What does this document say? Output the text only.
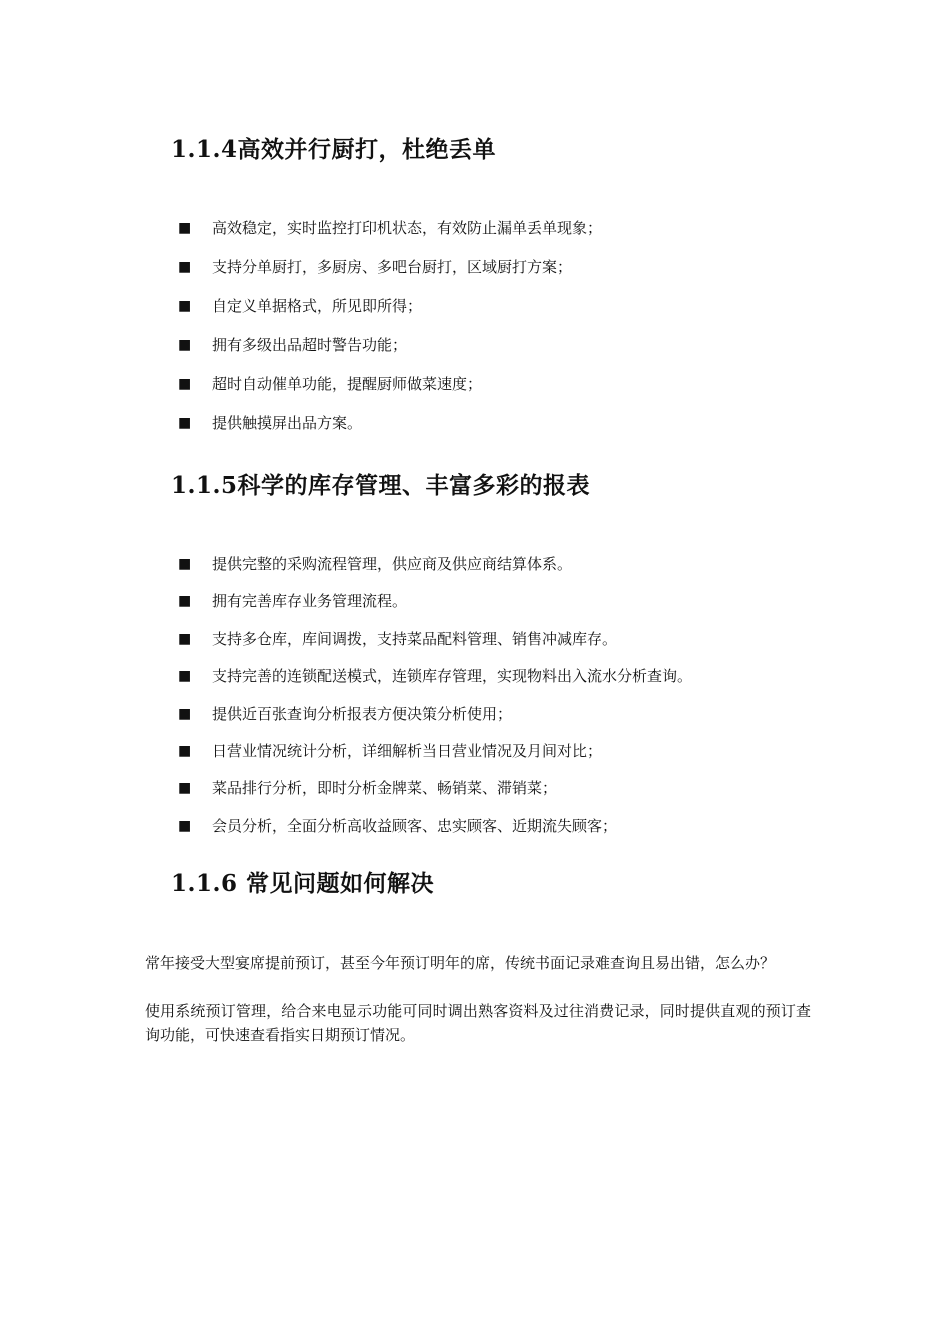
1.1.4高效并行厨打，杜绝丢单
■ 高效稳定，实时监控打印机状态，有效防止漏单丢单现象；
■ 支持分单厨打，多厨房、多吧台厨打，区域厨打方案；
■ 自定义单据格式，所见即所得；
■ 拥有多级出品超时警告功能；
■ 超时自动催单功能，提醒厨师做菜速度；
■ 提供触摸屏出品方案。
1.1.5科学的库存管理、丰富多彩的报表
■ 提供完整的采购流程管理，供应商及供应商结算体系。
■ 拥有完善库存业务管理流程。
■ 支持多仓库，库间调拨，支持菜品配料管理、销售冲减库存。
■ 支持完善的连锁配送模式，连锁库存管理，实现物料出入流水分析查询。
■ 提供近百张查询分析报表方便决策分析使用；
■ 日营业情况统计分析，详细解析当日营业情况及月间对比；
■ 菜品排行分析，即时分析金牌菜、畅销菜、滞销菜；
■ 会员分析，全面分析高收益顾客、忠实顾客、近期流失顾客；
1.1.6 常见问题如何解决

常年接受大型宴席提前预订，甚至今年预订明年的席，传统书面记录难查询且易出错，怎么办？

使用系统预订管理，给合来电显示功能可同时调出熟客资料及过往消费记录，同时提供直观的预订查询功能，可快速查看指实日期预订情况。
